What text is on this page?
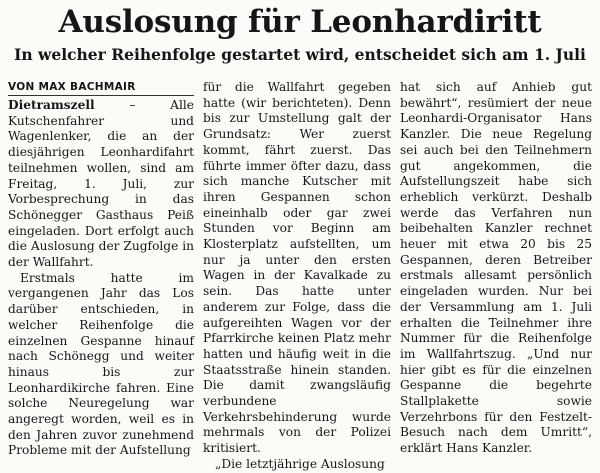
Auslosung für Leonhardiritt
In welcher Reihenfolge gestartet wird, entscheidet sich am 1. Juli
VON MAX BACHMAIR

Dietramszell – Alle Kutschenfahrer und Wagenlenker, die an der diesjährigen Leonhardifahrt teilnehmen wollen, sind am Freitag, 1. Juli, zur Vorbesprechung in das Schönegger Gasthaus Peiß eingeladen. Dort erfolgt auch die Auslosung der Zugfolge in der Wallfahrt.

Erstmals hatte im vergangenen Jahr das Los darüber entschieden, in welcher Reihenfolge die einzelnen Gespanne hinauf nach Schönegg und weiter hinaus bis zur Leonhardikirche fahren. Eine solche Neuregelung war angeregt worden, weil es in den Jahren zuvor zunehmend Probleme mit der Aufstellung

für die Wallfahrt gegeben hatte (wir berichteten). Denn bis zur Umstellung galt der Grundsatz: Wer zuerst kommt, fährt zuerst. Das führte immer öfter dazu, dass sich manche Kutscher mit ihren Gespannen schon eineinhalb oder gar zwei Stunden vor Beginn am Klosterplatz aufstellten, um nur ja unter den ersten Wagen in der Kavalkade zu sein. Das hatte unter anderem zur Folge, dass die aufgereihten Wagen vor der Pfarrkirche keinen Platz mehr hatten und häufig weit in die Staatsstraße hinein standen. Die damit zwangsläufig verbundene Verkehrsbehinderung wurde mehrmals von der Polizei kritisiert.

„Die letztjährige Auslosung

hat sich auf Anhieb gut bewährt“, resümiert der neue Leonhardi-Organisator Hans Kanzler. Die neue Regelung sei auch bei den Teilnehmern gut angekommen, die Aufstellungszeit habe sich erheblich verkürzt. Deshalb werde das Verfahren nun beibehalten Kanzler rechnet heuer mit etwa 20 bis 25 Gespannen, deren Betreiber erstmals allesamt persönlich eingeladen wurden. Nur bei der Versammlung am 1. Juli erhalten die Teilnehmer ihre Nummer für die Reihenfolge im Wallfahrtszug. „Und nur hier gibt es für die einzelnen Gespanne die begehrte Stallplakette sowie Verzehrbons für den Festzelt-Besuch nach dem Umritt“, erklärt Hans Kanzler.
